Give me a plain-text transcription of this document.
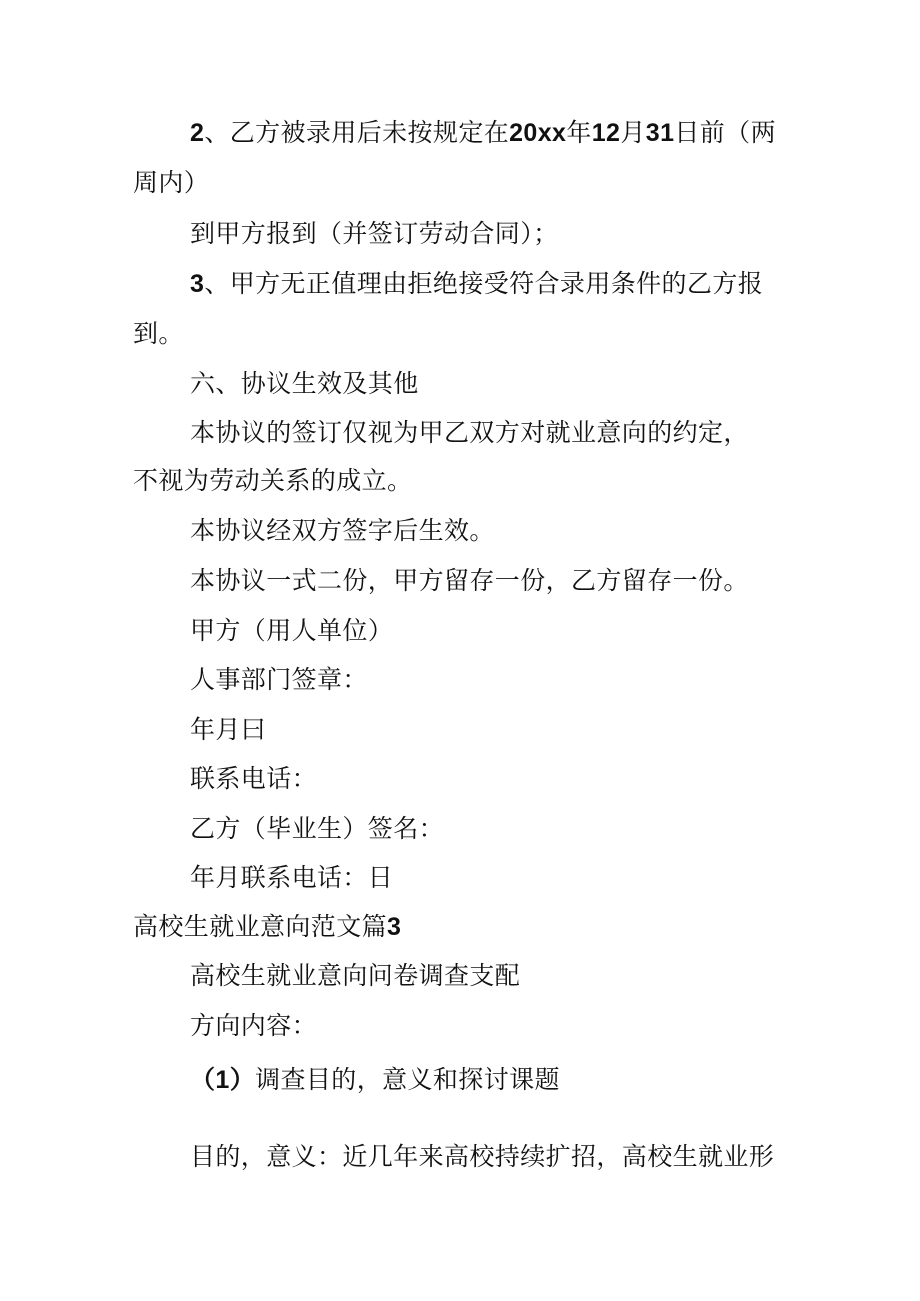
2、乙方被录用后未按规定在20xx年12月31日前（两
周内）
到甲方报到（并签订劳动合同）；
3、甲方无正值理由拒绝接受符合录用条件的乙方报
到。
六、协议生效及其他
本协议的签订仅视为甲乙双方对就业意向的约定，
不视为劳动关系的成立。
本协议经双方签字后生效。
本协议一式二份，甲方留存一份，乙方留存一份。
甲方（用人单位）
人事部门签章：
年月曰
联系电话：
乙方（毕业生）签名：
年月联系电话：日
高校生就业意向范文篇3
高校生就业意向问卷调查支配
方向内容：
（1）调查目的，意义和探讨课题
目的，意义：近几年来高校持续扩招，高校生就业形
